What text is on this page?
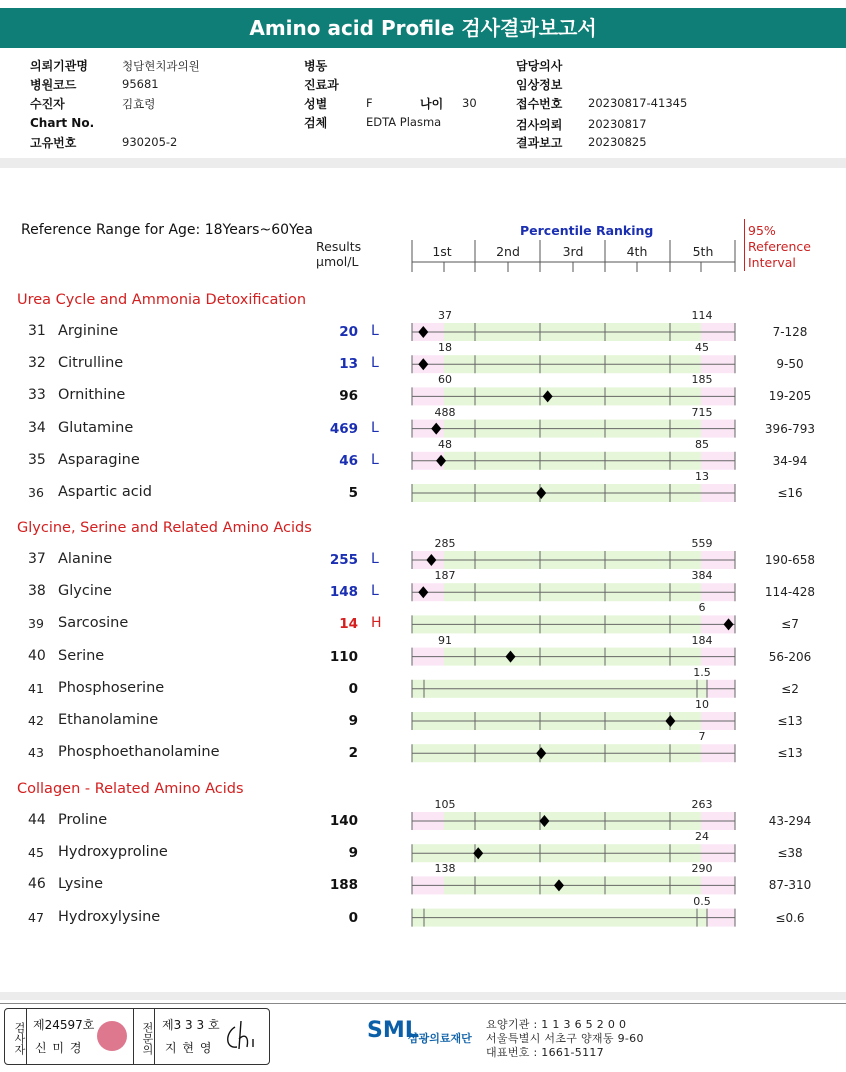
Amino acid Profile 검사결과보고서
의뢰기관명	청담현치과의원
병원코드	95681
수진자	김효령
Chart No.
고유번호	930205-2
병동
진료과
성별	F
검체	EDTA Plasma
담당의사
임상정보
접수번호 20230817-41345
검사의뢰 20230817
결과보고 20230825
나이 30
Reference Range for Age: 18Years~60Yea
Results
μmol/L
Percentile Ranking	95%
Reference
Interval
1st	2nd	3rd	4th	5th
Urea Cycle and Ammonia Detoxification
31 Arginine	20 L	7-128
37	114
32 Citrulline	13 L	9-50
18	45
33 Ornithine	96	19-205
60	185
34 Glutamine	469 L	396-793
488	715
35 Asparagine	46 L	34-94
48	85
36 Aspartic acid	5	≤16
13
Glycine, Serine and Related Amino Acids
37 Alanine	255 L	190-658
285	559
38 Glycine	148 L	114-428
187	384
39 Sarcosine	14 H	≤7
6
40 Serine	110	56-206
91	184
41 Phosphoserine	0	≤2
1.5
42 Ethanolamine	9	≤13
10
43 Phosphoethanolamine	2	≤13
7
Collagen - Related Amino Acids
44 Proline	140	43-294
105	263
45 Hydroxyproline	9	≤38
24
46 Lysine	188	87-310
138	290
47 Hydroxylysine	0	≤0.6
0.5
검사자 제24597호
신 미 경	전문의 제3 3 3 호
지 현 영
SML
삼광의료재단
요양기관 : 1 1 3 6 5 2 0 0
서울특별시 서초구 양재동 9-60
대표번호 : 1661-5117
